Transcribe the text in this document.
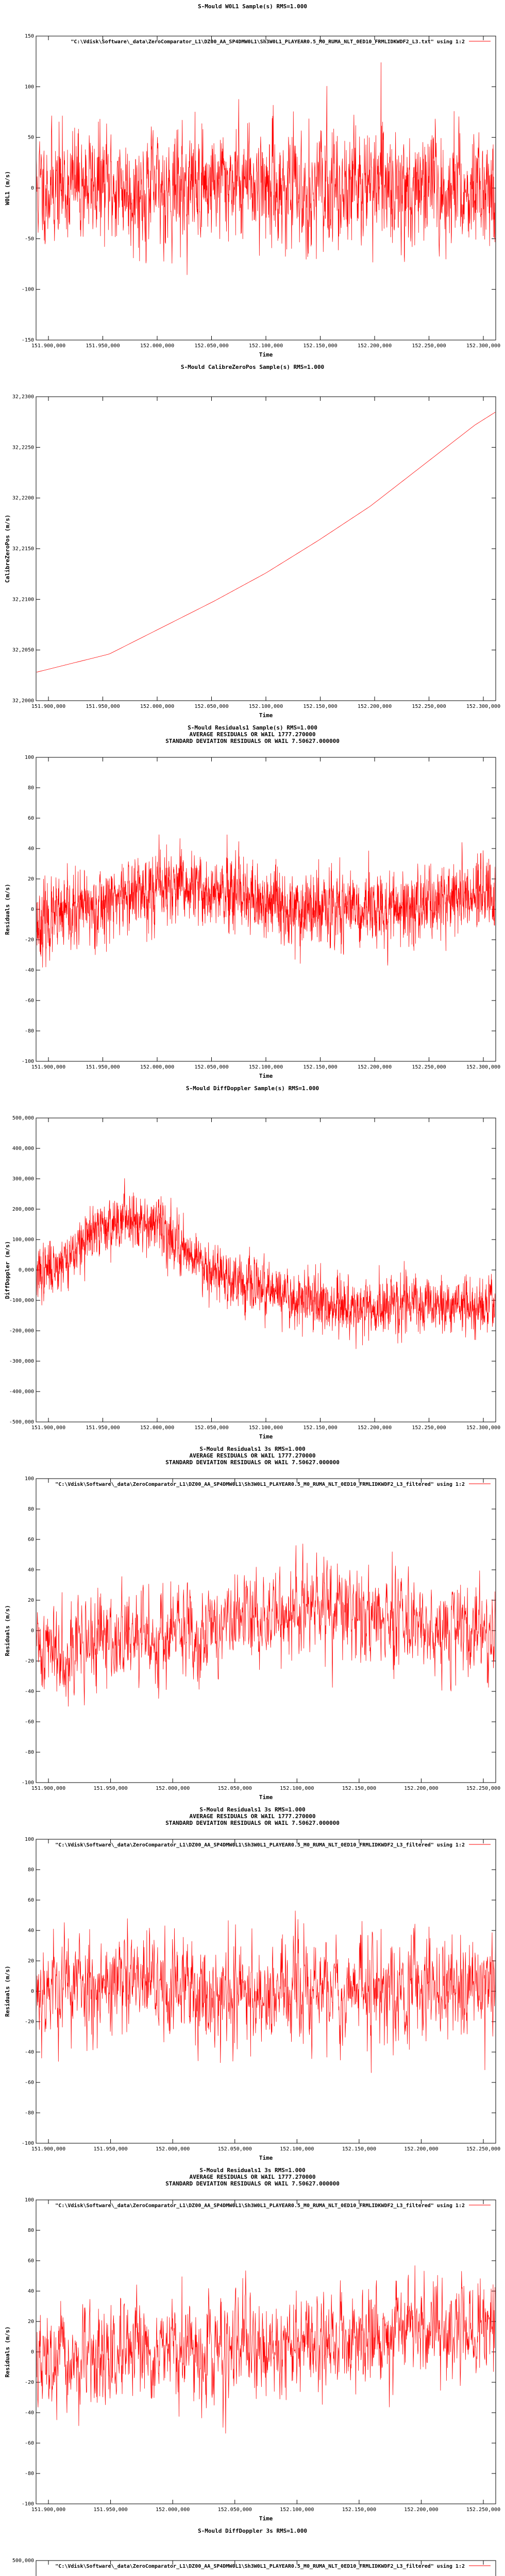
S-Mould W0L1 Sample(s) RMS=1.000
-150
-100
-50
0
50
100
150
151.900,000	151.950,000	152.000,000	152.050,000	152.100,000	152.150,000	152.200,000	152.250,000	152.300,000
Time
W0L1 (m/s)
"C:\Vdisk\Software\_data\ZeroComparator_L1\DZ00_AA_SP4DMW0L1\Sh3W0L1_PLAYEAR0.5_M0_RUMA_NLT_0ED10_FRMLIDKWDF2_L3.txt" using 1:2
S-Mould CalibreZeroPos Sample(s) RMS=1.000
32,2000
32,2050
32,2100
32,2150
32,2200
32,2250
32,2300
151.900,000	151.950,000	152.000,000	152.050,000	152.100,000	152.150,000	152.200,000	152.250,000	152.300,000
Time
CalibreZeroPos (m/s)
S-Mould Residuals1 Sample(s) RMS=1.000
AVERAGE RESIDUALS OR WAIL 1777.270000
STANDARD DEVIATION RESIDUALS OR WAIL 7.50627.000000
-100
-80
-60
-40
-20
0
20
40
60
80
100
151.900,000	151.950,000	152.000,000	152.050,000	152.100,000	152.150,000	152.200,000	152.250,000	152.300,000
Time
Residuals (m/s)
S-Mould DiffDoppler Sample(s) RMS=1.000
-500,000
-400,000
-300,000
-200,000
-100,000
0,000
100,000
200,000
300,000
400,000
500,000
151.900,000	151.950,000	152.000,000	152.050,000	152.100,000	152.150,000	152.200,000	152.250,000	152.300,000
Time
DiffDoppler (m/s)
S-Mould Residuals1 3s RMS=1.000
AVERAGE RESIDUALS OR WAIL 1777.270000
STANDARD DEVIATION RESIDUALS OR WAIL 7.50627.000000
-100
-80
-60
-40
-20
0
20
40
60
80
100
151.900,000	151.950,000	152.000,000	152.050,000	152.100,000	152.150,000	152.200,000	152.250,000
Time
Residuals (m/s)
"C:\Vdisk\Software\_data\ZeroComparator_L1\DZ00_AA_SP4DMW0L1\Sh3W0L1_PLAYEAR0.5_M0_RUMA_NLT_0ED10_FRMLIDKWDF2_L3_filtered" using 1:2
S-Mould Residuals1 3s RMS=1.000
AVERAGE RESIDUALS OR WAIL 1777.270000
STANDARD DEVIATION RESIDUALS OR WAIL 7.50627.000000
-100
-80
-60
-40
-20
0
20
40
60
80
100
151.900,000	151.950,000	152.000,000	152.050,000	152.100,000	152.150,000	152.200,000	152.250,000
Time
Residuals (m/s)
"C:\Vdisk\Software\_data\ZeroComparator_L1\DZ00_AA_SP4DMW0L1\Sh3W0L1_PLAYEAR0.5_M0_RUMA_NLT_0ED10_FRMLIDKWDF2_L3_filtered" using 1:2
S-Mould Residuals1 3s RMS=1.000
AVERAGE RESIDUALS OR WAIL 1777.270000
STANDARD DEVIATION RESIDUALS OR WAIL 7.50627.000000
-100
-80
-60
-40
-20
0
20
40
60
80
100
151.900,000	151.950,000	152.000,000	152.050,000	152.100,000	152.150,000	152.200,000	152.250,000
Time
Residuals (m/s)
"C:\Vdisk\Software\_data\ZeroComparator_L1\DZ00_AA_SP4DMW0L1\Sh3W0L1_PLAYEAR0.5_M0_RUMA_NLT_0ED10_FRMLIDKWDF2_L3_filtered" using 1:2
S-Mould DiffDoppler 3s RMS=1.000
500,000
"C:\Vdisk\Software\_data\ZeroComparator_L1\DZ00_AA_SP4DMW0L1\Sh3W0L1_PLAYEAR0.5_M0_RUMA_NLT_0ED10_FRMLIDKWDF2_L3_filtered" using 1:2
